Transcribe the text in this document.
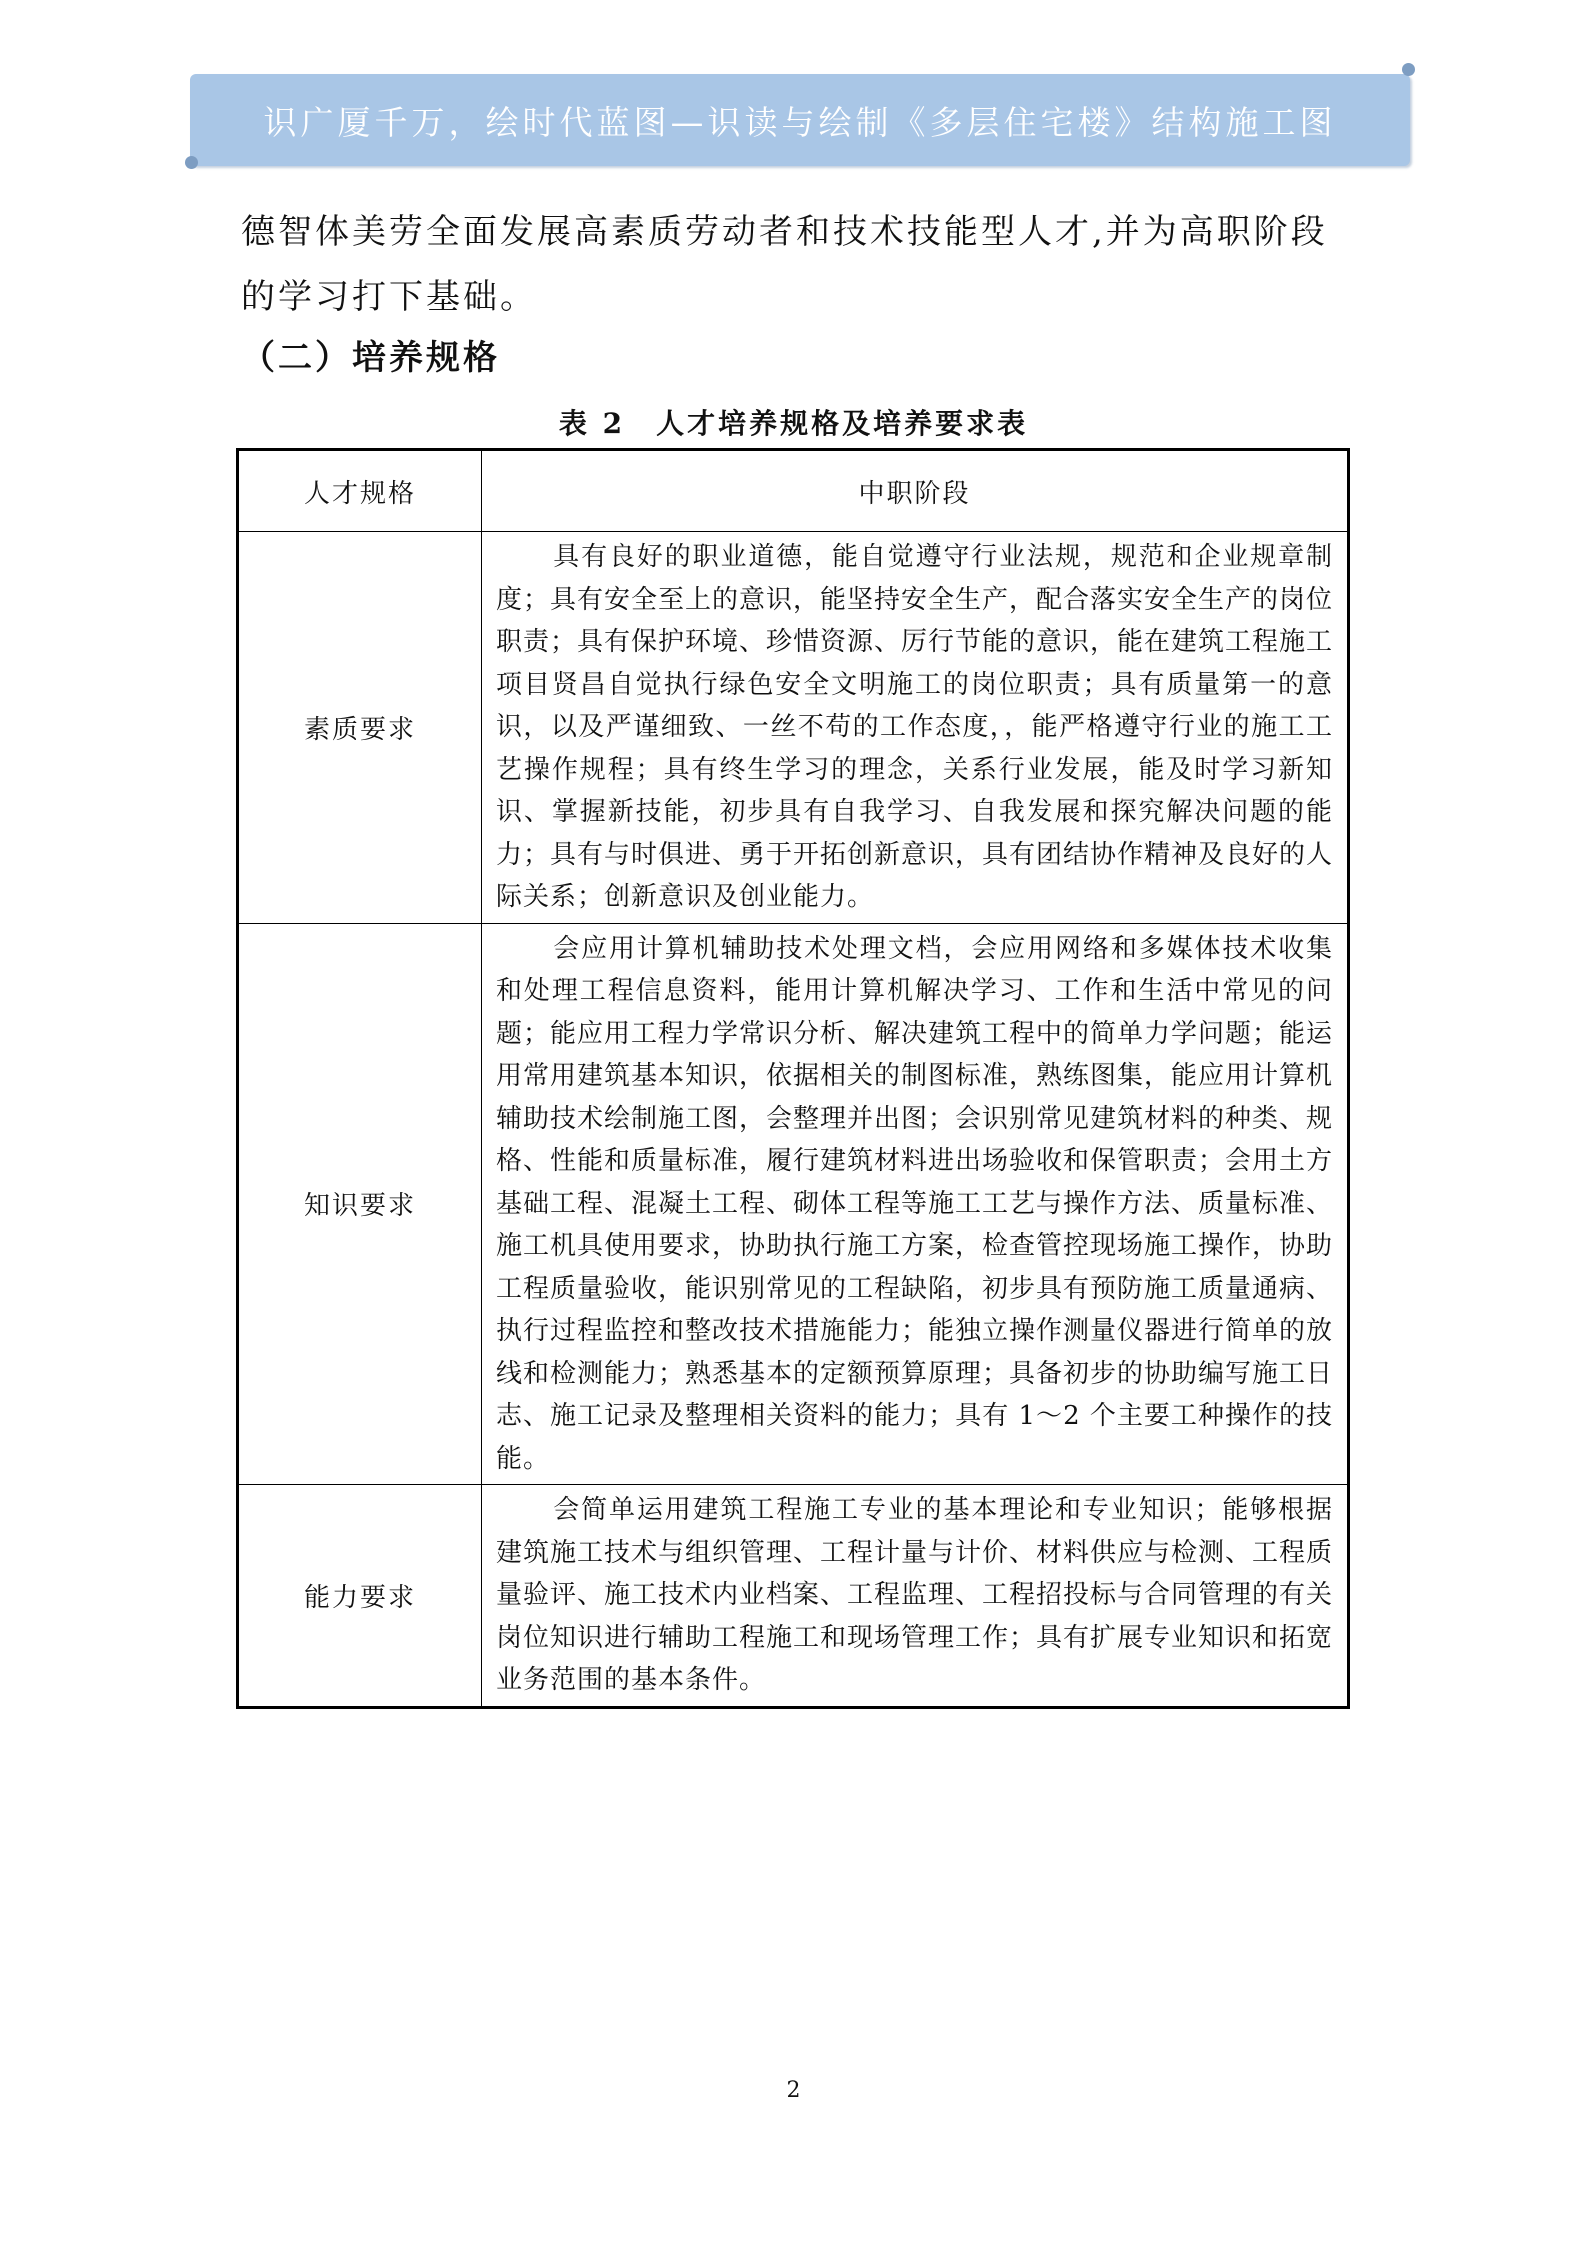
识广厦千万，绘时代蓝图—识读与绘制《多层住宅楼》结构施工图

德智体美劳全面发展高素质劳动者和技术技能型人才,并为高职阶段的学习打下基础。

（二）培养规格

表 2　人才培养规格及培养要求表

人才规格	中职阶段
素质要求	具有良好的职业道德，能自觉遵守行业法规，规范和企业规章制度；具有安全至上的意识，能坚持安全生产，配合落实安全生产的岗位职责；具有保护环境、珍惜资源、厉行节能的意识，能在建筑工程施工项目贤昌自觉执行绿色安全文明施工的岗位职责；具有质量第一的意识，以及严谨细致、一丝不苟的工作态度，，能严格遵守行业的施工工艺操作规程；具有终生学习的理念，关系行业发展，能及时学习新知识、掌握新技能，初步具有自我学习、自我发展和探究解决问题的能力；具有与时俱进、勇于开拓创新意识，具有团结协作精神及良好的人际关系；创新意识及创业能力。

知识要求	会应用计算机辅助技术处理文档，会应用网络和多媒体技术收集和处理工程信息资料，能用计算机解决学习、工作和生活中常见的问题；能应用工程力学常识分析、解决建筑工程中的简单力学问题；能运用常用建筑基本知识，依据相关的制图标准，熟练图集，能应用计算机辅助技术绘制施工图，会整理并出图；会识别常见建筑材料的种类、规格、性能和质量标准，履行建筑材料进出场验收和保管职责；会用土方基础工程、混凝土工程、砌体工程等施工工艺与操作方法、质量标准、施工机具使用要求，协助执行施工方案，检查管控现场施工操作，协助工程质量验收，能识别常见的工程缺陷，初步具有预防施工质量通病、执行过程监控和整改技术措施能力；能独立操作测量仪器进行简单的放线和检测能力；熟悉基本的定额预算原理；具备初步的协助编写施工日志、施工记录及整理相关资料的能力；具有 1～2 个主要工种操作的技能。

能力要求	会简单运用建筑工程施工专业的基本理论和专业知识；能够根据建筑施工技术与组织管理、工程计量与计价、材料供应与检测、工程质量验评、施工技术内业档案、工程监理、工程招投标与合同管理的有关岗位知识进行辅助工程施工和现场管理工作；具有扩展专业知识和拓宽业务范围的基本条件。
2
